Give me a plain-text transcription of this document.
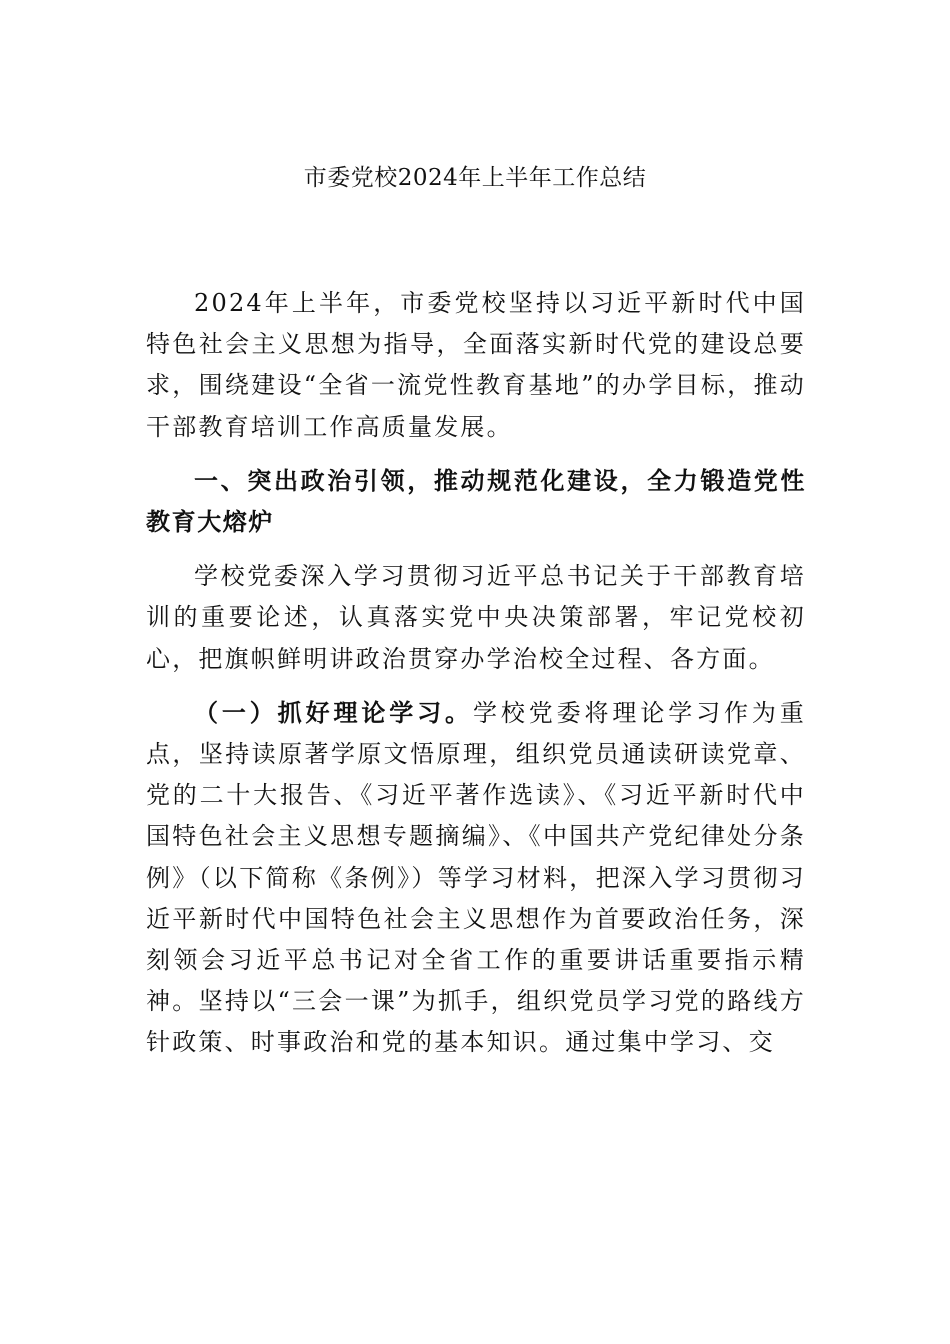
市委党校2024年上半年工作总结

2024年上半年，市委党校坚持以习近平新时代中国特色社会主义思想为指导，全面落实新时代党的建设总要求，围绕建设“全省一流党性教育基地”的办学目标，推动干部教育培训工作高质量发展。

一、突出政治引领，推动规范化建设，全力锻造党性教育大熔炉

学校党委深入学习贯彻习近平总书记关于干部教育培训的重要论述，认真落实党中央决策部署，牢记党校初心，把旗帜鲜明讲政治贯穿办学治校全过程、各方面。

（一）抓好理论学习。学校党委将理论学习作为重点，坚持读原著学原文悟原理，组织党员通读研读党章、党的二十大报告、《习近平著作选读》、《习近平新时代中国特色社会主义思想专题摘编》、《中国共产党纪律处分条例》（以下简称《条例》）等学习材料，把深入学习贯彻习近平新时代中国特色社会主义思想作为首要政治任务，深刻领会习近平总书记对全省工作的重要讲话重要指示精神。坚持以“三会一课”为抓手，组织党员学习党的路线方针政策、时事政治和党的基本知识。通过集中学习、交
